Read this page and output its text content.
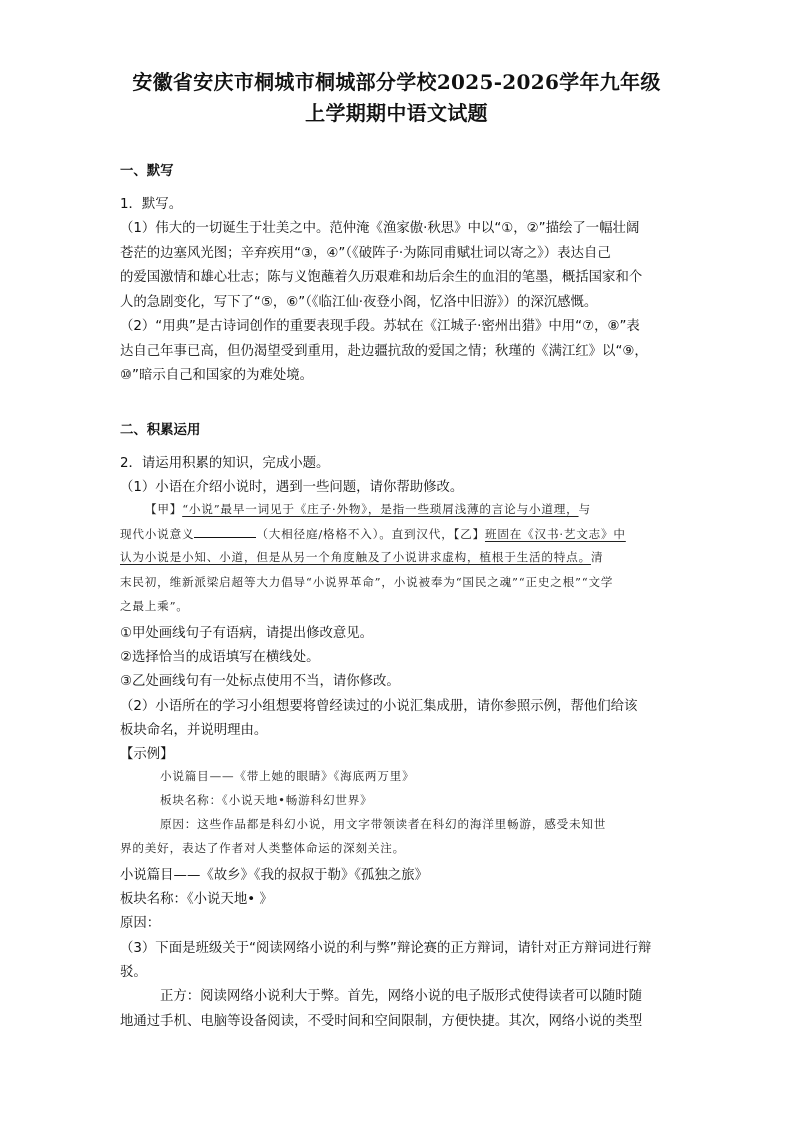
安徽省安庆市桐城市桐城部分学校2025-2026学年九年级
上学期期中语文试题
一、默写
1．默写。
（1）伟大的一切诞生于壮美之中。范仲淹《渔家傲·秋思》中以“①，②”描绘了一幅壮阔
苍茫的边塞风光图；辛弃疾用“③，④”（《破阵子·为陈同甫赋壮词以寄之》）表达自己
的爱国激情和雄心壮志；陈与义饱蘸着久历艰难和劫后余生的血泪的笔墨，概括国家和个
人的急剧变化，写下了“⑤，⑥”（《临江仙·夜登小阁，忆洛中旧游》）的深沉感慨。
（2）“用典”是古诗词创作的重要表现手段。苏轼在《江城子·密州出猎》中用“⑦，⑧”表
达自己年事已高，但仍渴望受到重用，赴边疆抗敌的爱国之情；秋瑾的《满江红》以“⑨，
⑩”暗示自己和国家的为难处境。
二、积累运用
2．请运用积累的知识，完成小题。
（1）小语在介绍小说时，遇到一些问题，请你帮助修改。
【甲】“小说”最早一词见于《庄子·外物》，是指一些琐屑浅薄的言论与小道理，与
现代小说意义	（大相径庭/格格不入）。直到汉代，【乙】班固在《汉书·艺文志》中
认为小说是小知、小道，但是从另一个角度触及了小说讲求虚构，植根于生活的特点。清
末民初，维新派梁启超等大力倡导“小说界革命”，小说被奉为“国民之魂”“正史之根”“文学
之最上乘”。
①甲处画线句子有语病，请提出修改意见。
②选择恰当的成语填写在横线处。
③乙处画线句有一处标点使用不当，请你修改。
（2）小语所在的学习小组想要将曾经读过的小说汇集成册，请你参照示例，帮他们给该
板块命名，并说明理由。
【示例】
小说篇目——《带上她的眼睛》《海底两万里》
板块名称：《小说天地•畅游科幻世界》
原因：这些作品都是科幻小说，用文字带领读者在科幻的海洋里畅游，感受未知世
界的美好，表达了作者对人类整体命运的深刻关注。
小说篇目——《故乡》《我的叔叔于勒》《孤独之旅》
板块名称：《小说天地• 》
原因：
（3）下面是班级关于“阅读网络小说的利与弊”辩论赛的正方辩词，请针对正方辩词进行辩
驳。
正方：阅读网络小说利大于弊。首先，网络小说的电子版形式使得读者可以随时随
地通过手机、电脑等设备阅读，不受时间和空间限制，方便快捷。其次，网络小说的类型
